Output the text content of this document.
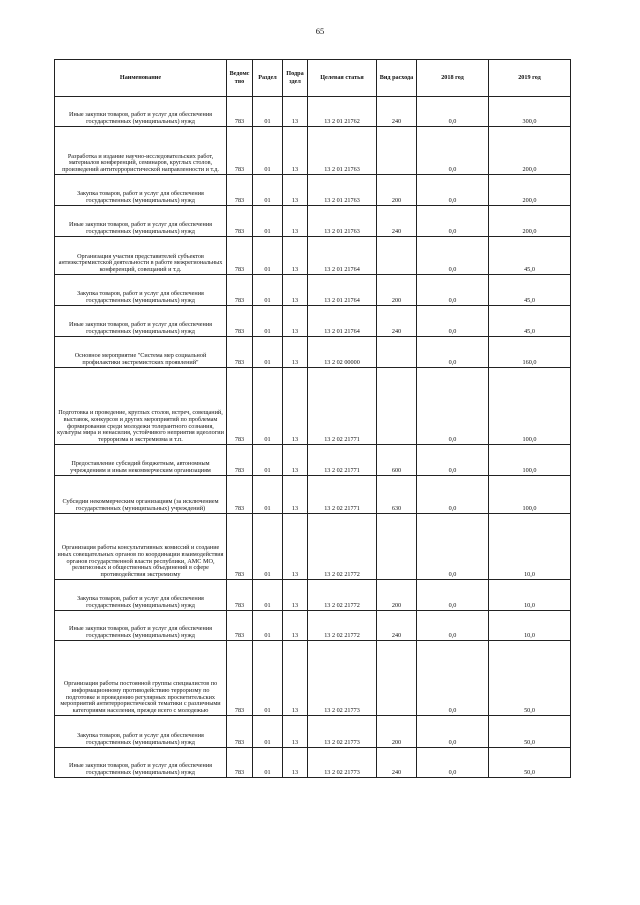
65
Наименование	Ведомс тво	Раздел	Подра здел	Целевая статья	Вид расхода	2018 год	2019 год
Иные закупки товаров, работ и услуг для обеспечения государственных (муниципальных) нужд	783	01	13	13 2 01 21762	240	0,0	300,0
Разработка и издание научно-исследовательских работ, материалов конференций, семинаров, круглых столов, произведений антитеррористической направленности и т.д.	783	01	13	13 2 01 21763		0,0	200,0
Закупка товаров, работ и услуг для обеспечения государственных (муниципальных) нужд	783	01	13	13 2 01 21763	200	0,0	200,0
Иные закупки товаров, работ и услуг для обеспечения государственных (муниципальных) нужд	783	01	13	13 2 01 21763	240	0,0	200,0
Организация участия представителей субъектов антиэкстремистской деятельности в работе межрегиональных конференций, совещаний и т.д.	783	01	13	13 2 01 21764		0,0	45,0
Закупка товаров, работ и услуг для обеспечения государственных (муниципальных) нужд	783	01	13	13 2 01 21764	200	0,0	45,0
Иные закупки товаров, работ и услуг для обеспечения государственных (муниципальных) нужд	783	01	13	13 2 01 21764	240	0,0	45,0
Основное мероприятие "Система мер социальной профилактики экстремистских проявлений"	783	01	13	13 2 02 00000		0,0	160,0
Подготовка и проведение, круглых столов, встреч, совещаний, выставок, конкурсов и других мероприятий по проблемам формирования среди молодежи толерантного сознания, культуры мира и ненасилия, устойчивого неприятия идеологии терроризма и экстремизма и т.п.	783	01	13	13 2 02 21771		0,0	100,0
Предоставление субсидий бюджетным, автономным учреждениям и иным некоммерческим организациям	783	01	13	13 2 02 21771	600	0,0	100,0
Субсидии некоммерческим организациям (за исключением государственных (муниципальных) учреждений)	783	01	13	13 2 02 21771	630	0,0	100,0
Организация работы консультативных комиссий и создание иных совещательных органов по координации взаимодействия органов государственной власти республики, АМС МО, религиозных и общественных объединений в сфере противодействия экстремизму	783	01	13	13 2 02 21772		0,0	10,0
Закупка товаров, работ и услуг для обеспечения государственных (муниципальных) нужд	783	01	13	13 2 02 21772	200	0,0	10,0
Иные закупки товаров, работ и услуг для обеспечения государственных (муниципальных) нужд	783	01	13	13 2 02 21772	240	0,0	10,0
Организация работы постоянной группы специалистов по информационному противодействию терроризму по подготовке и проведению регулярных просветительских мероприятий антитеррористической тематики с различными категориями населения, прежде всего с молодежью	783	01	13	13 2 02 21773		0,0	50,0
Закупка товаров, работ и услуг для обеспечения государственных (муниципальных) нужд	783	01	13	13 2 02 21773	200	0,0	50,0
Иные закупки товаров, работ и услуг для обеспечения государственных (муниципальных) нужд	783	01	13	13 2 02 21773	240	0,0	50,0
